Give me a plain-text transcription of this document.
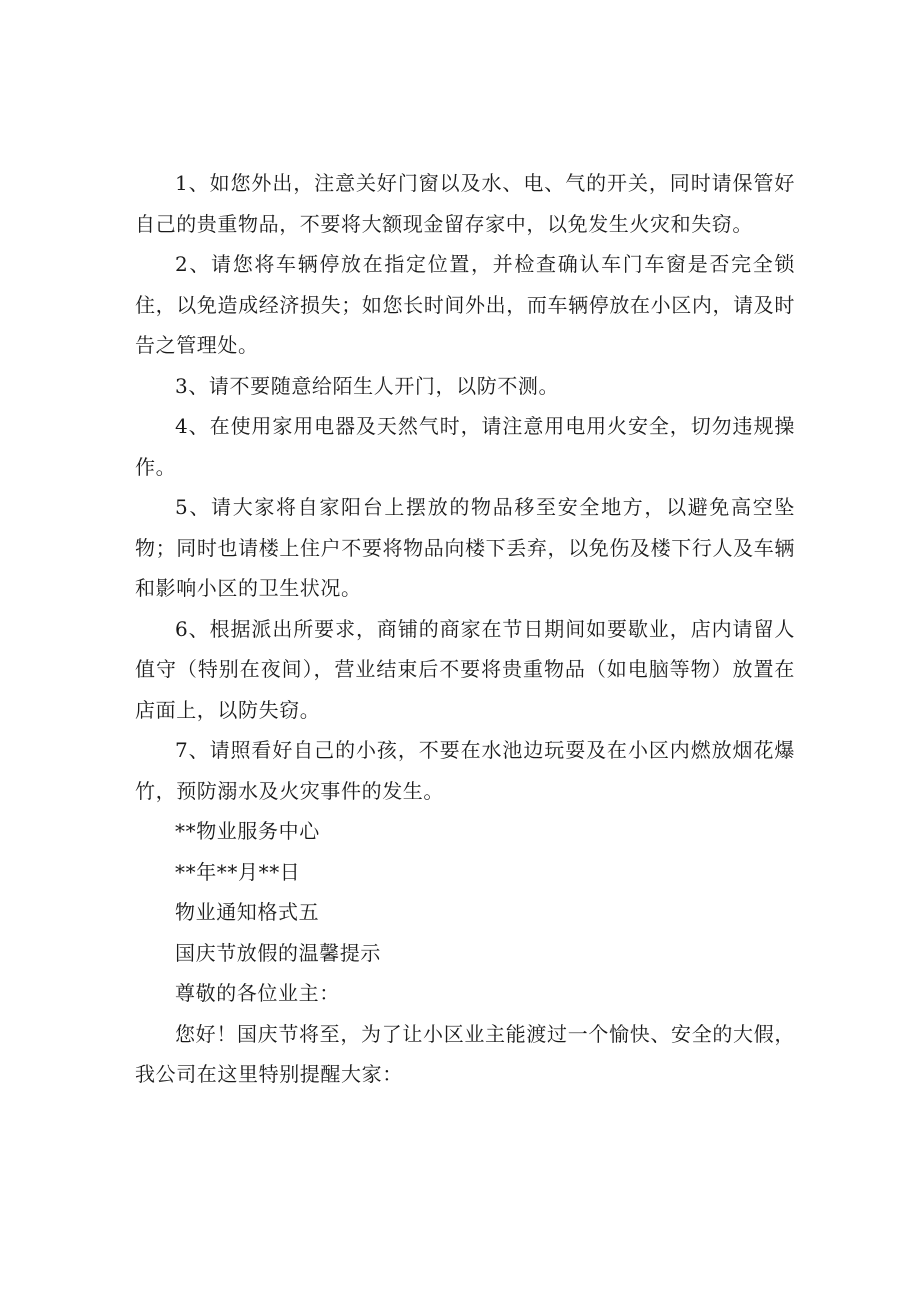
1、如您外出，注意关好门窗以及水、电、气的开关，同时请保管好自己的贵重物品，不要将大额现金留存家中，以免发生火灾和失窃。

2、请您将车辆停放在指定位置，并检查确认车门车窗是否完全锁住，以免造成经济损失；如您长时间外出，而车辆停放在小区内，请及时告之管理处。

3、请不要随意给陌生人开门，以防不测。

4、在使用家用电器及天然气时，请注意用电用火安全，切勿违规操作。

5、请大家将自家阳台上摆放的物品移至安全地方，以避免高空坠物；同时也请楼上住户不要将物品向楼下丢弃，以免伤及楼下行人及车辆和影响小区的卫生状况。

6、根据派出所要求，商铺的商家在节日期间如要歇业，店内请留人值守（特别在夜间），营业结束后不要将贵重物品（如电脑等物）放置在店面上，以防失窃。

7、请照看好自己的小孩，不要在水池边玩耍及在小区内燃放烟花爆竹，预防溺水及火灾事件的发生。

**物业服务中心

**年**月**日

物业通知格式五

国庆节放假的温馨提示

尊敬的各位业主：

您好！国庆节将至，为了让小区业主能渡过一个愉快、安全的大假，我公司在这里特别提醒大家：
